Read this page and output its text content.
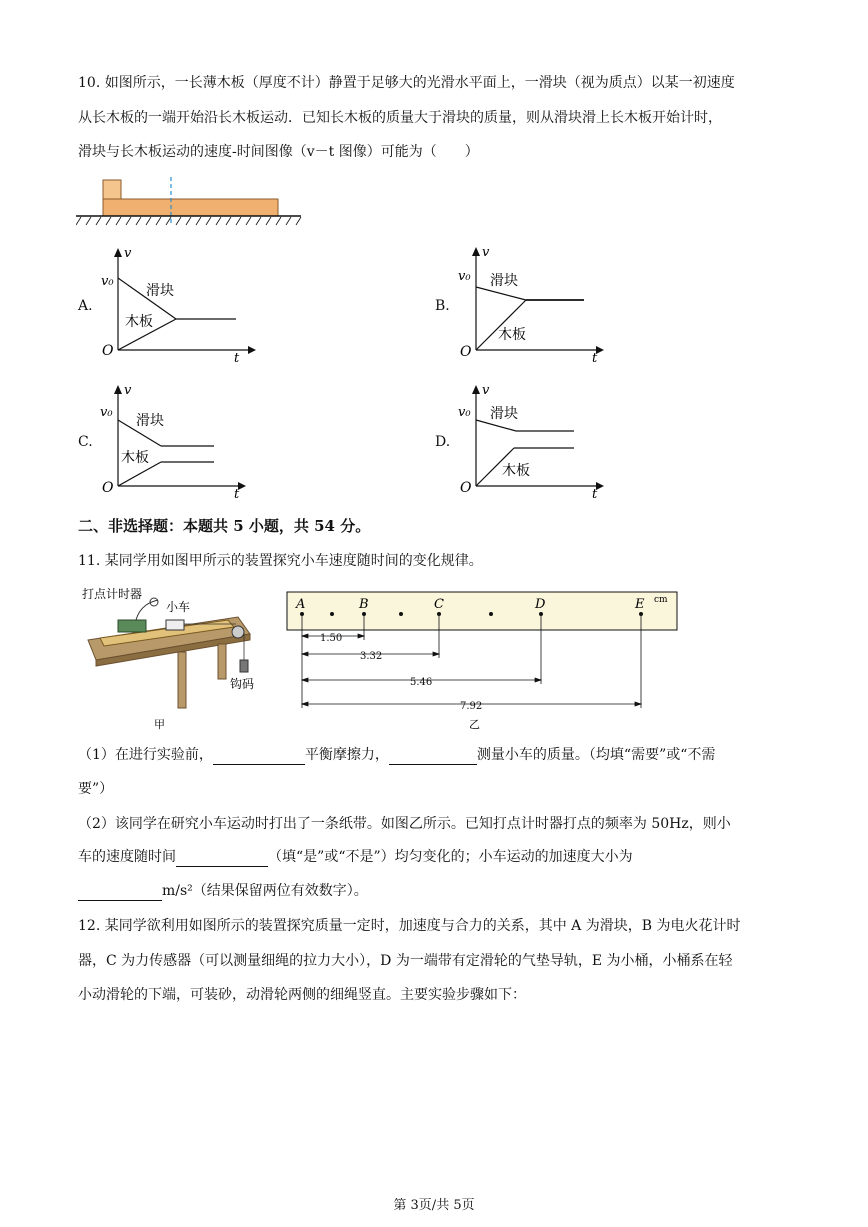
10. 如图所示，一长薄木板（厚度不计）静置于足够大的光滑水平面上，一滑块（视为质点）以某一初速度
从长木板的一端开始沿长木板运动．已知长木板的质量大于滑块的质量，则从滑块滑上长木板开始计时，
滑块与长木板运动的速度-时间图像（v－t 图像）可能为（　　）
A.
v
v₀
滑块
木板
O	t
B.
v
v₀ 滑块
木板
O	t
C.
v
v₀
滑块
木板
O	t
D.
v
v₀ 滑块
木板
O	t
二、非选择题：本题共 5 小题，共 54 分。
11. 某同学用如图甲所示的装置探究小车速度随时间的变化规律。
打点计时器
小车
钩码
甲
A	B	C	D	E cm
1.50
3.32
5.46
7.92
乙
（1）在进行实验前，	平衡摩擦力，	测量小车的质量。（均填“需要”或“不需
要”）
（2）该同学在研究小车运动时打出了一条纸带。如图乙所示。已知打点计时器打点的频率为 50Hz，则小
车的速度随时间	（填“是”或“不是”）均匀变化的；小车运动的加速度大小为
m/s²（结果保留两位有效数字）。
12. 某同学欲利用如图所示的装置探究质量一定时，加速度与合力的关系，其中 A 为滑块，B 为电火花计时
器，C 为力传感器（可以测量细绳的拉力大小），D 为一端带有定滑轮的气垫导轨，E 为小桶，小桶系在轻
小动滑轮的下端，可装砂，动滑轮两侧的细绳竖直。主要实验步骤如下：
第 3页/共 5页
